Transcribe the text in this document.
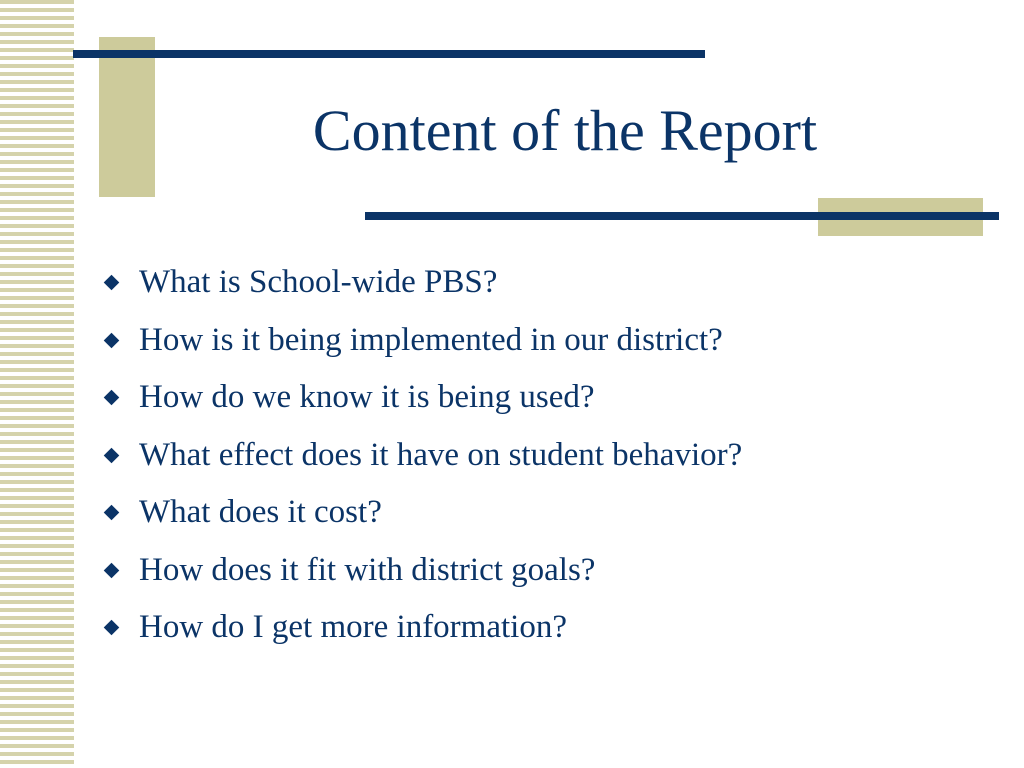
Content of the Report
What is School-wide PBS?
How is it being implemented in our district?
How do we know it is being used?
What effect does it have on student behavior?
What does it cost?
How does it fit with district goals?
How do I get more information?
